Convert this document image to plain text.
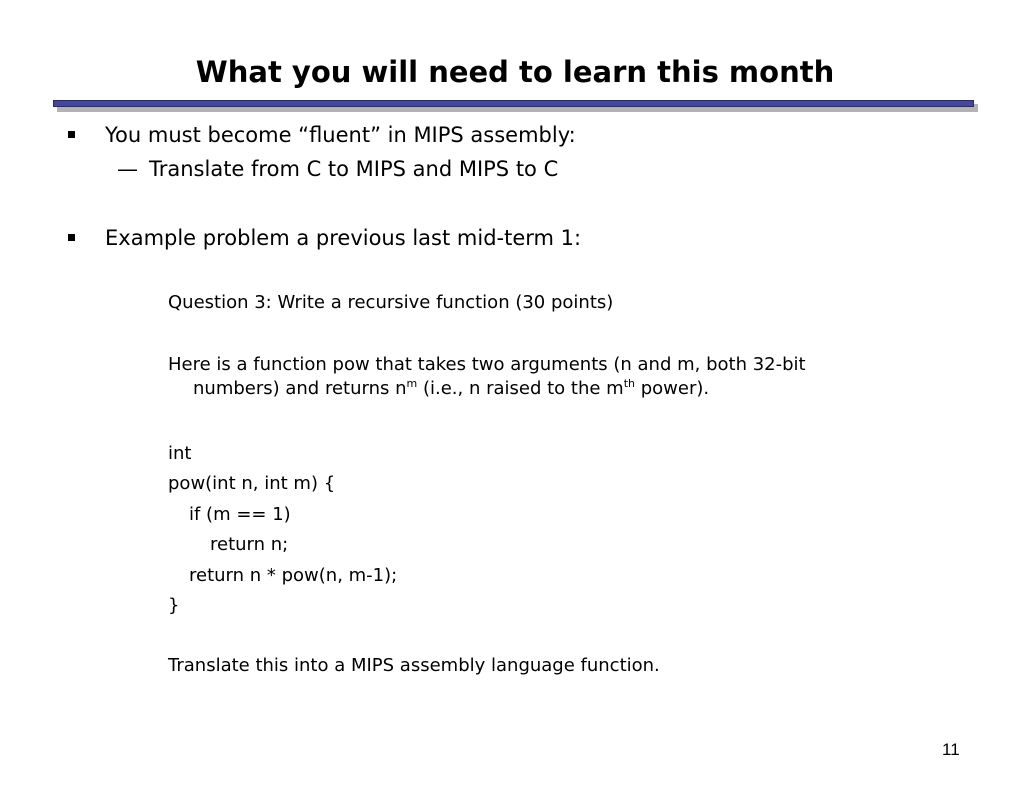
What you will need to learn this month
You must become “fluent” in MIPS assembly:
— Translate from C to MIPS and MIPS to C
Example problem a previous last mid-term 1:
Question 3: Write a recursive function (30 points)
Here is a function pow that takes two arguments (n and m, both 32-bit
numbers) and returns $n^m$ (i.e., n raised to the $m^{th}$ power).
int
pow(int n, int m) {
if (m == 1)
return n;
return n * pow(n, m-1);
}
Translate this into a MIPS assembly language function.
11
